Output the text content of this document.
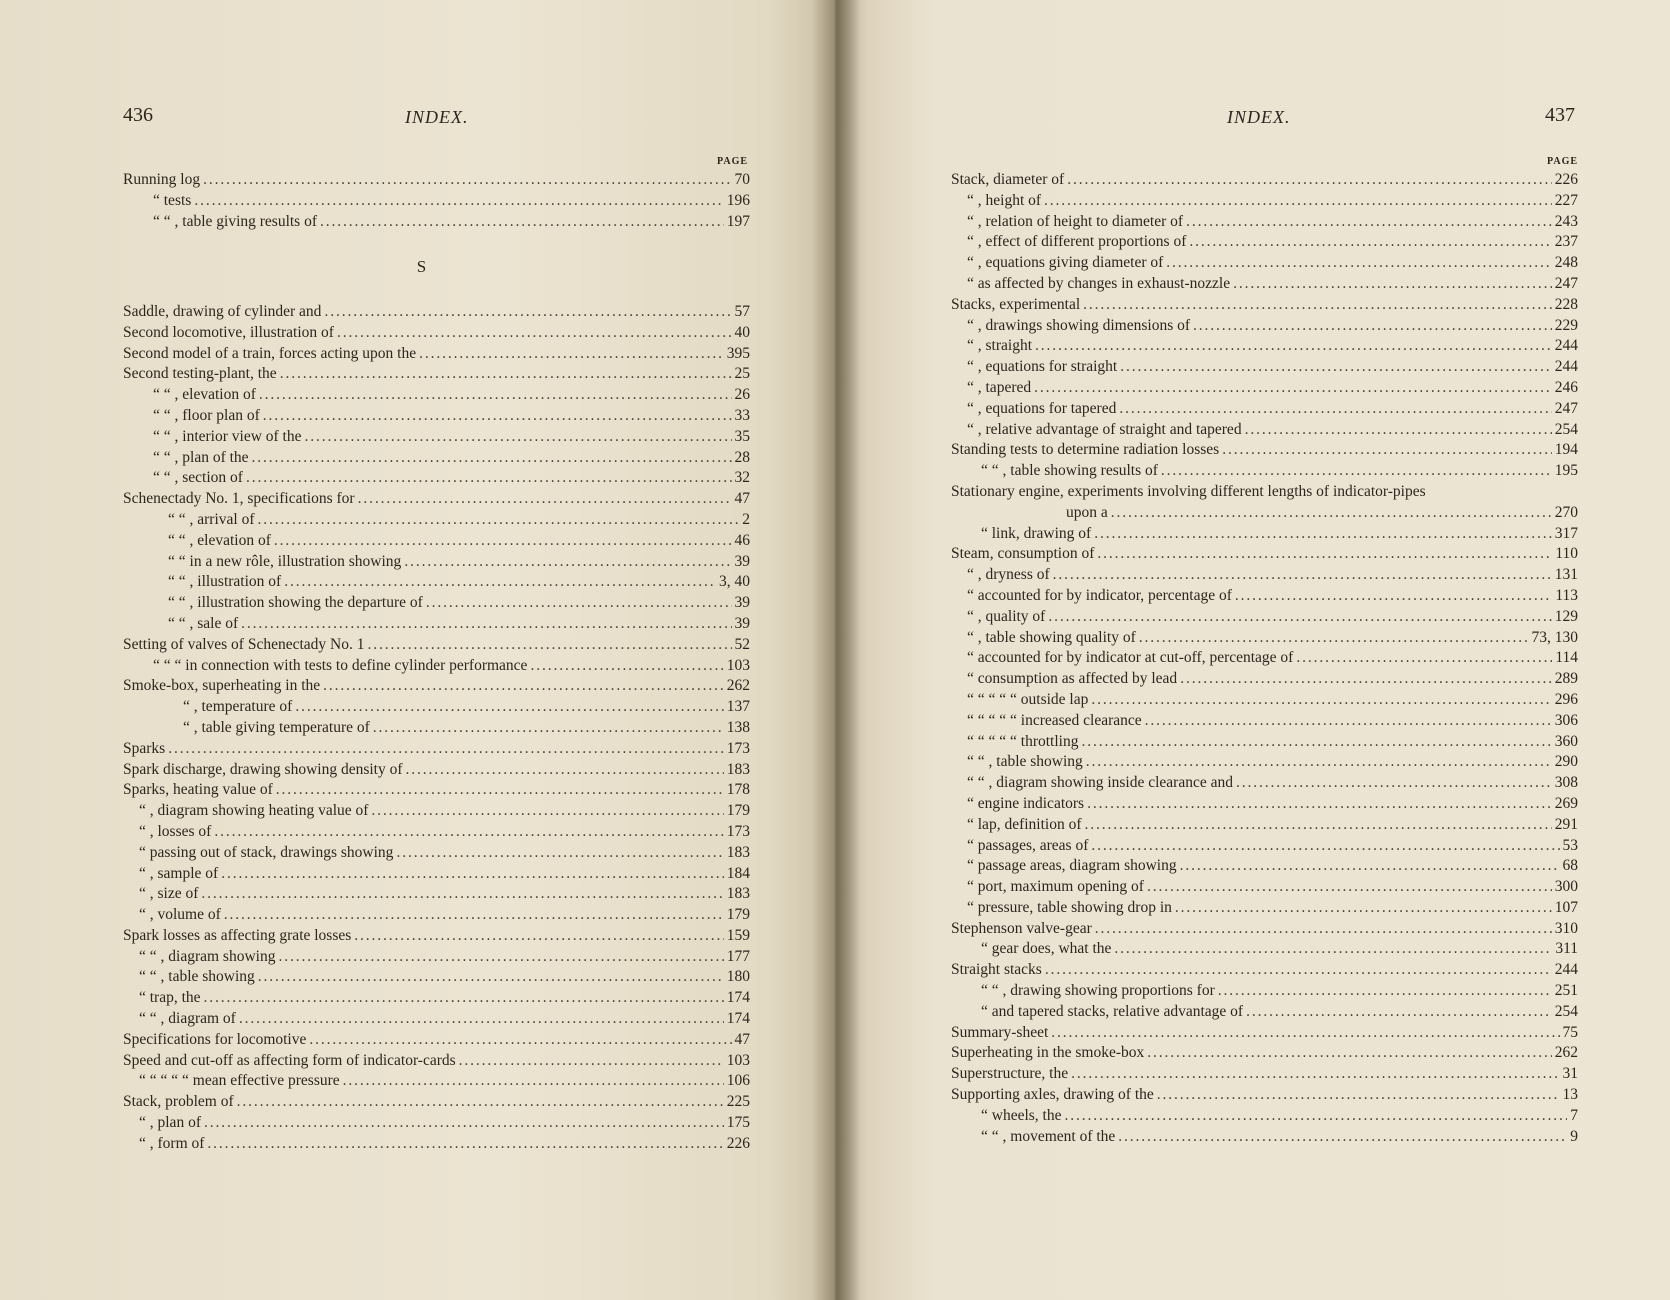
436	INDEX.
PAGE
Running log . . .	70
“ tests . . .	196
“ “ , table giving results of . . .	197
S
Saddle, drawing of cylinder and . . .	57
Second locomotive, illustration of . . .	40
Second model of a train, forces acting upon the . . .	395
Second testing-plant, the . . .	25
“ “ , elevation of . . .	26
“ “ , floor plan of . . .	33
“ “ , interior view of the . . .	35
“ “ , plan of the . . .	28
“ “ , section of . . .	32
Schenectady No. 1, specifications for . . .	47
“ “ , arrival of . . .	2
“ “ , elevation of . . .	46
“ “ in a new rôle, illustration showing . . .	39
“ “ , illustration of . . .	3, 40
“ “ , illustration showing the departure of . . .	39
“ “ , sale of . . .	39
Setting of valves of Schenectady No. 1 . . .	52
“ “ “ in connection with tests to define cylinder performance . . .	103
Smoke-box, superheating in the . . .	262
“ , temperature of . . .	137
“ , table giving temperature of . . .	138
Sparks . . .	173
Spark discharge, drawing showing density of . . .	183
Sparks, heating value of . . .	178
“ , diagram showing heating value of . . .	179
“ , losses of . . .	173
“ passing out of stack, drawings showing . . .	183
“ , sample of . . .	184
“ , size of . . .	183
“ , volume of . . .	179
Spark losses as affecting grate losses . . .	159
“ “ , diagram showing . . .	177
“ “ , table showing . . .	180
“ trap, the . . .	174
“ “ , diagram of . . .	174
Specifications for locomotive . . .	47
Speed and cut-off as affecting form of indicator-cards . . .	103
“ “ “ “ “ mean effective pressure . . .	106
Stack, problem of . . .	225
“ , plan of . . .	175
“ , form of . . .	226
INDEX.	437
PAGE
Stack, diameter of . . .	226
“ , height of . . .	227
“ , relation of height to diameter of . . .	243
“ , effect of different proportions of . . .	237
“ , equations giving diameter of . . .	248
“ as affected by changes in exhaust-nozzle . . .	247
Stacks, experimental . . .	228
“ , drawings showing dimensions of . . .	229
“ , straight . . .	244
“ , equations for straight . . .	244
“ , tapered . . .	246
“ , equations for tapered . . .	247
“ , relative advantage of straight and tapered . . .	254
Standing tests to determine radiation losses . . .	194
“ “ , table showing results of . . .	195
Stationary engine, experiments involving different lengths of indicator-pipes
upon a . . .	270
“ link, drawing of . . .	317
Steam, consumption of . . .	110
“ , dryness of . . .	131
“ accounted for by indicator, percentage of . . .	113
“ , quality of . . .	129
“ , table showing quality of . . .	73, 130
“ accounted for by indicator at cut-off, percentage of . . .	114
“ consumption as affected by lead . . .	289
“ “ “ “ “ outside lap . . .	296
“ “ “ “ “ increased clearance . . .	306
“ “ “ “ “ throttling . . .	360
“ “ , table showing . . .	290
“ “ , diagram showing inside clearance and . . .	308
“ engine indicators . . .	269
“ lap, definition of . . .	291
“ passages, areas of . . .	53
“ passage areas, diagram showing . . .	68
“ port, maximum opening of . . .	300
“ pressure, table showing drop in . . .	107
Stephenson valve-gear . . .	310
“ gear does, what the . . .	311
Straight stacks . . .	244
“ “ , drawing showing proportions for . . .	251
“ and tapered stacks, relative advantage of . . .	254
Summary-sheet . . .	75
Superheating in the smoke-box . . .	262
Superstructure, the . . .	31
Supporting axles, drawing of the . . .	13
“ wheels, the . . .	7
“ “ , movement of the . . .	9
